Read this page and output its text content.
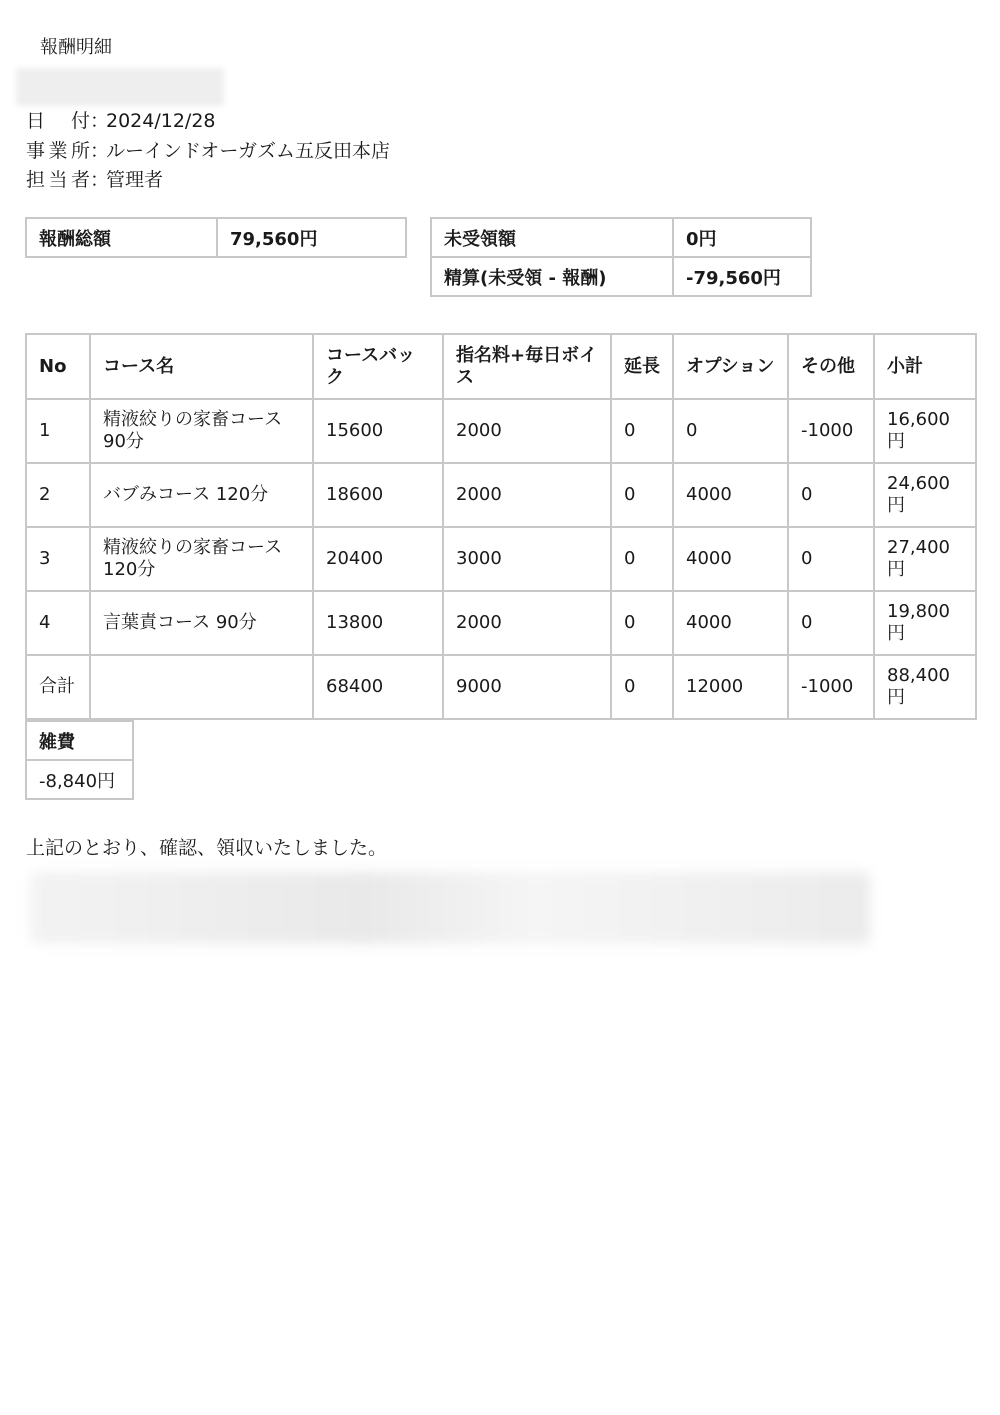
報酬明細
日付 ：
2024/12/28
事業所 ：
ルーインドオーガズム五反田本店
担当者 ：
管理者
報酬総額	79,560円	未受領額	0円
精算(未受領 - 報酬)	-79,560円
No	コース名	コースバック	指名料+毎日ボイス	延長	オプション	その他	小計
1	精液絞りの家畜コース90分	15600	2000	0	0	-1000	16,600円
2	バブみコース 120分	18600	2000	0	4000	0	24,600円
3	精液絞りの家畜コース120分	20400	3000	0	4000	0	27,400円
4	言葉責コース 90分	13800	2000	0	4000	0	19,800円
合計		68400	9000	0	12000	-1000	88,400円
雑費
-8,840円
上記のとおり、確認、領収いたしました。
